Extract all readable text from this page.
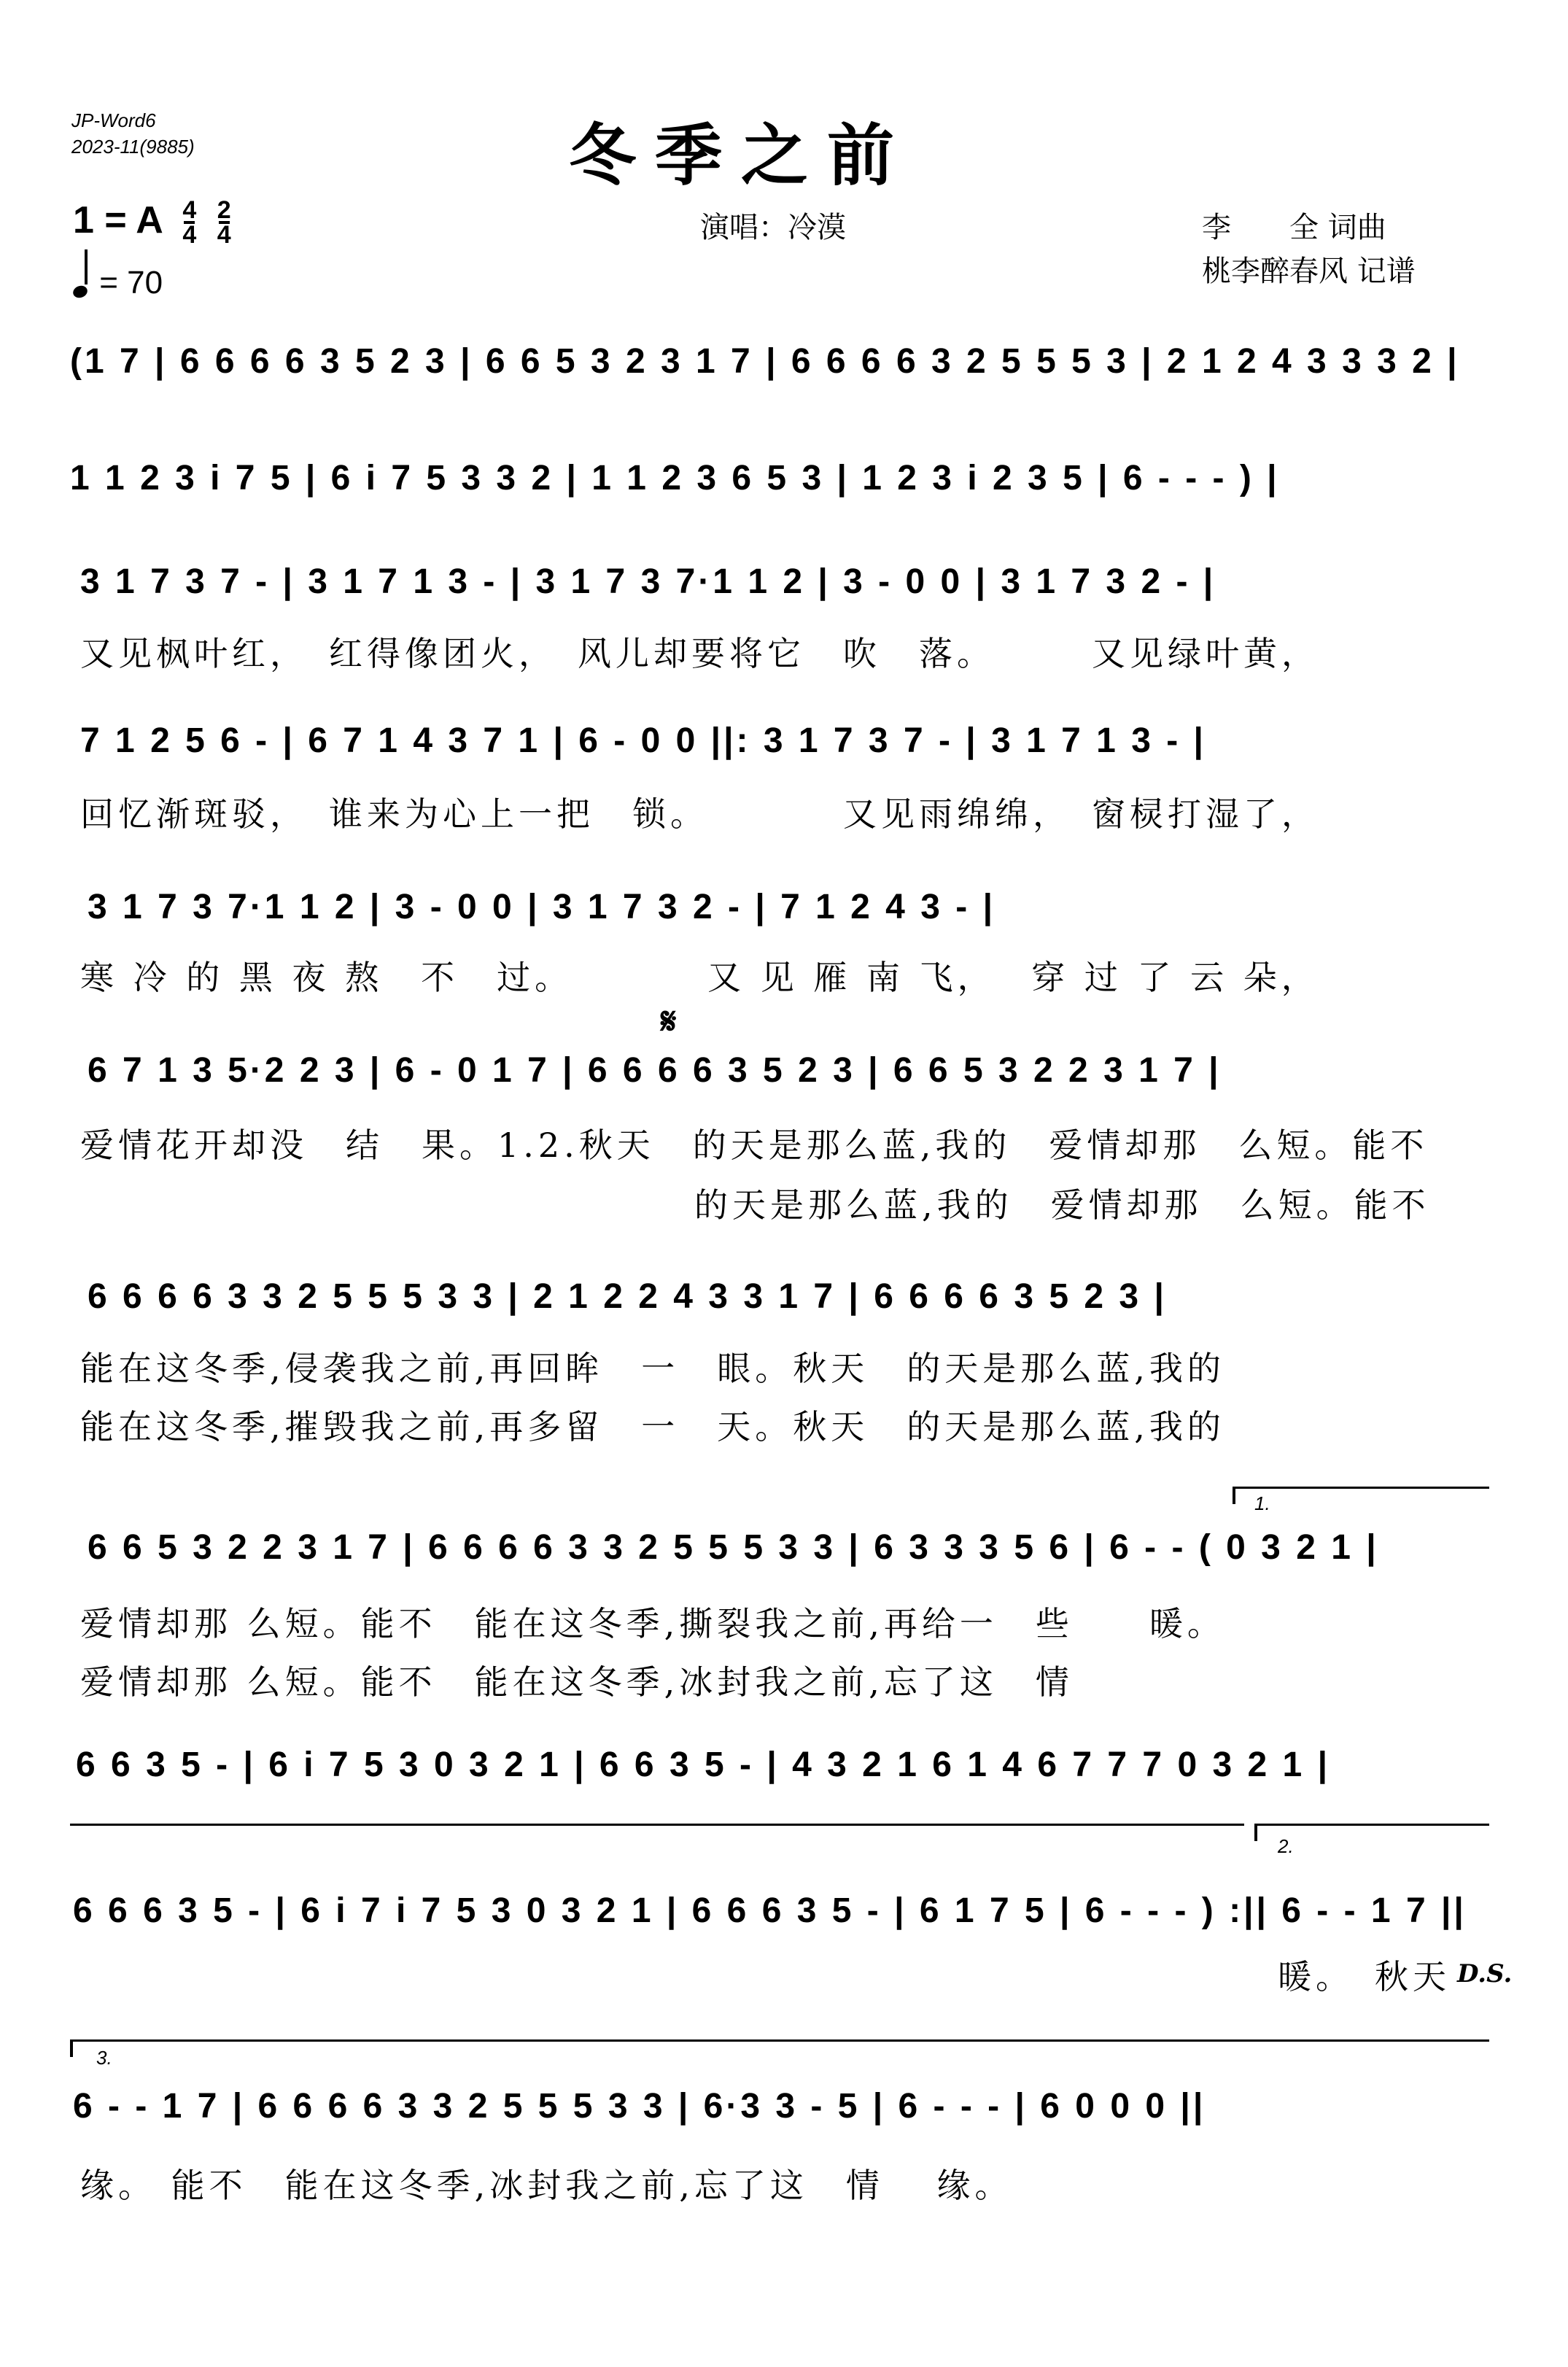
JP-Word6
2023-11(9885)	冬季之前
演唱：冷漠	李　　全 词曲
桃李醉春风 记谱
1 = A $\frac{4}{4} \frac{2}{4}$
= 70
(1 7 | 6 6 6 6 3 5 2 3 | 6 6 5 3 2 3 1 7 | 6 6 6 6 3 2 5 5 5 3 | 2 1 2 4 3 3 3 2 |
1 1 2 3 i 7 5 | 6 i 7 5 3 3 2 | 1 1 2 3 6 5 3 | 1 2 3 i 2 3 5 | 6 - - - ) |
3 1 7 3 7 - | 3 1 7 1 3 - | 3 1 7 3 7·1 1 2 | 3 - 0 0 | 3 1 7 3 2 - |
又见枫叶红，　红得像团火，　风儿却要将它　吹　落。　　　又见绿叶黄，
7 1 2 5 6 - | 6 7 1 4 3 7 1 | 6 - 0 0 ||: 3 1 7 3 7 - | 3 1 7 1 3 - |
回忆渐斑驳，　谁来为心上一把　锁。　　　　又见雨绵绵，　窗棂打湿了，
3 1 7 3 7·1 1 2 | 3 - 0 0 | 3 1 7 3 2 - | 7 1 2 4 3 - |
寒 冷 的 黑 夜 熬　不　过。　　　　又 见 雁 南 飞，　 穿 过 了 云 朵，
𝄋
6 7 1 3 5·2 2 3 | 6 - 0 1 7 | 6 6 6 6 3 5 2 3 | 6 6 5 3 2 2 3 1 7 |
爱情花开却没　结　果。1.2.秋天　的天是那么蓝,我的　爱情却那　么短。能不
的天是那么蓝,我的　爱情却那　么短。能不
6 6 6 6 3 3 2 5 5 5 3 3 | 2 1 2 2 4 3 3 1 7 | 6 6 6 6 3 5 2 3 |
能在这冬季,侵袭我之前,再回眸　一　眼。秋天　的天是那么蓝,我的
能在这冬季,摧毁我之前,再多留　一　天。秋天　的天是那么蓝,我的
1.
6 6 5 3 2 2 3 1 7 | 6 6 6 6 3 3 2 5 5 5 3 3 | 6 3 3 3 5 6 | 6 - - ( 0 3 2 1 |
爱情却那 么短。能不　能在这冬季,撕裂我之前,再给一　些　　暖。
爱情却那 么短。能不　能在这冬季,冰封我之前,忘了这　情
6 6 3 5 - | 6 i 7 5 3 0 3 2 1 | 6 6 3 5 - | 4 3 2 1 6 1 4 6 7 7 7 0 3 2 1 |
2.
6 6 6 3 5 - | 6 i 7 i 7 5 3 0 3 2 1 | 6 6 6 3 5 - | 6 1 7 5 | 6 - - - ) :|| 6 - - 1 7 ||
暖。　秋天 D.S.
3.
6 - - 1 7 | 6 6 6 6 3 3 2 5 5 5 3 3 | 6·3 3 - 5 | 6 - - - | 6 0 0 0 ||
缘。 能不　能在这冬季,冰封我之前,忘了这　情　 缘。
